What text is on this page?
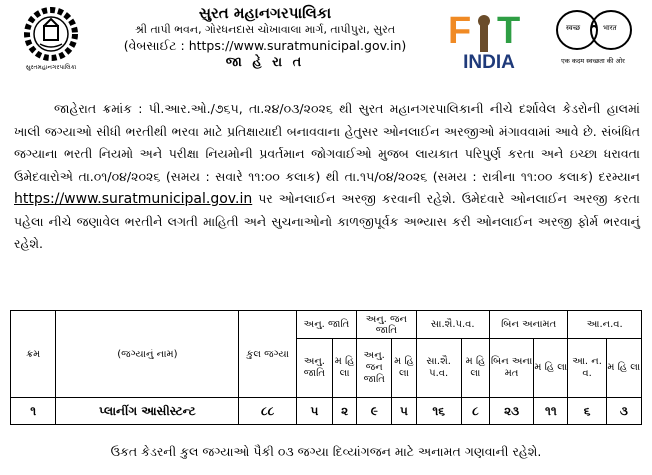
સુરતમહાનગરપાલિકા
સુરત મહાનગરપાલિકા
શ્રી તાપી ભવન, ગોરધનદાસ ચોખાવાલા માર્ગ, તાપીપુરા, સુરત
(વેબસાઈટ : https://www.suratmunicipal.gov.in)
જા હે રા ત
F T
INDIA
स्वच्छ	भारत
एक कदम स्वच्छता की ओर
જાહેરાત ક્રમાંક : પી.આર.ઓ./૭૬૫, તા.૨૪/૦૩/૨૦૨૬ થી સુરત મહાનગરપાલિકાની નીચે દર્શાવેલ કેડરોની હાલમાં ખાલી જગ્યાઓ સીધી ભરતીથી ભરવા માટે પ્રતિક્ષાયાદી બનાવવાના હેતુસર ઓનલાઈન અરજીઓ મંગાવવામાં આવે છે. સંબંધિત જગ્યાના ભરતી નિયમો અને પરીક્ષા નિયમોની પ્રવર્તમાન જોગવાઈઓ મુજબ લાયકાત પરિપુર્ણ કરતા અને ઇચ્છા ધરાવતા ઉમેદવારોએ તા.૦૧/૦૪/૨૦૨૬ (સમય : સવારે ૧૧:૦૦ કલાક) થી તા.૧૫/૦૪/૨૦૨૬ (સમય : રાત્રીના ૧૧:૦૦ કલાક) દરમ્યાન https://www.suratmunicipal.gov.in પર ઓનલાઈન અરજી કરવાની રહેશે. ઉમેદવારે ઓનલાઈન અરજી કરતા પહેલા નીચે જણાવેલ ભરતીને લગતી માહિતી અને સુચનાઓનો કાળજીપૂર્વક અભ્યાસ કરી ઓનલાઈન અરજી ફોર્મ ભરવાનું રહેશે.
ક્રમ	(જગ્યાનું નામ)	કુલ જગ્યા	અનુ. જાતિ		અનુ. જન જાતિ		સા.શૈ.પ.વ.		બિન અનામત		આ.ન.વ.	
			અનુ. જાતિ	મ હિ લા	અનુ. જન જાતિ	મ હિ લા	સા.શૈ. પ.વ.	મ હિ લા	બિન અના મત	મ હિ લા	આ. ન. વ.	મ હિ લા
૧	પ્લાનીંગ આસીસ્ટન્ટ	૮૮	૫	૨	૯	૫	૧૬	૮	૨૩	૧૧	૬	૩
ઉકત કેડરની કુલ જગ્યાઓ પૈકી ૦૩ જગ્યા દિવ્યાંગજન માટે અનામત ગણવાની રહેશે.
